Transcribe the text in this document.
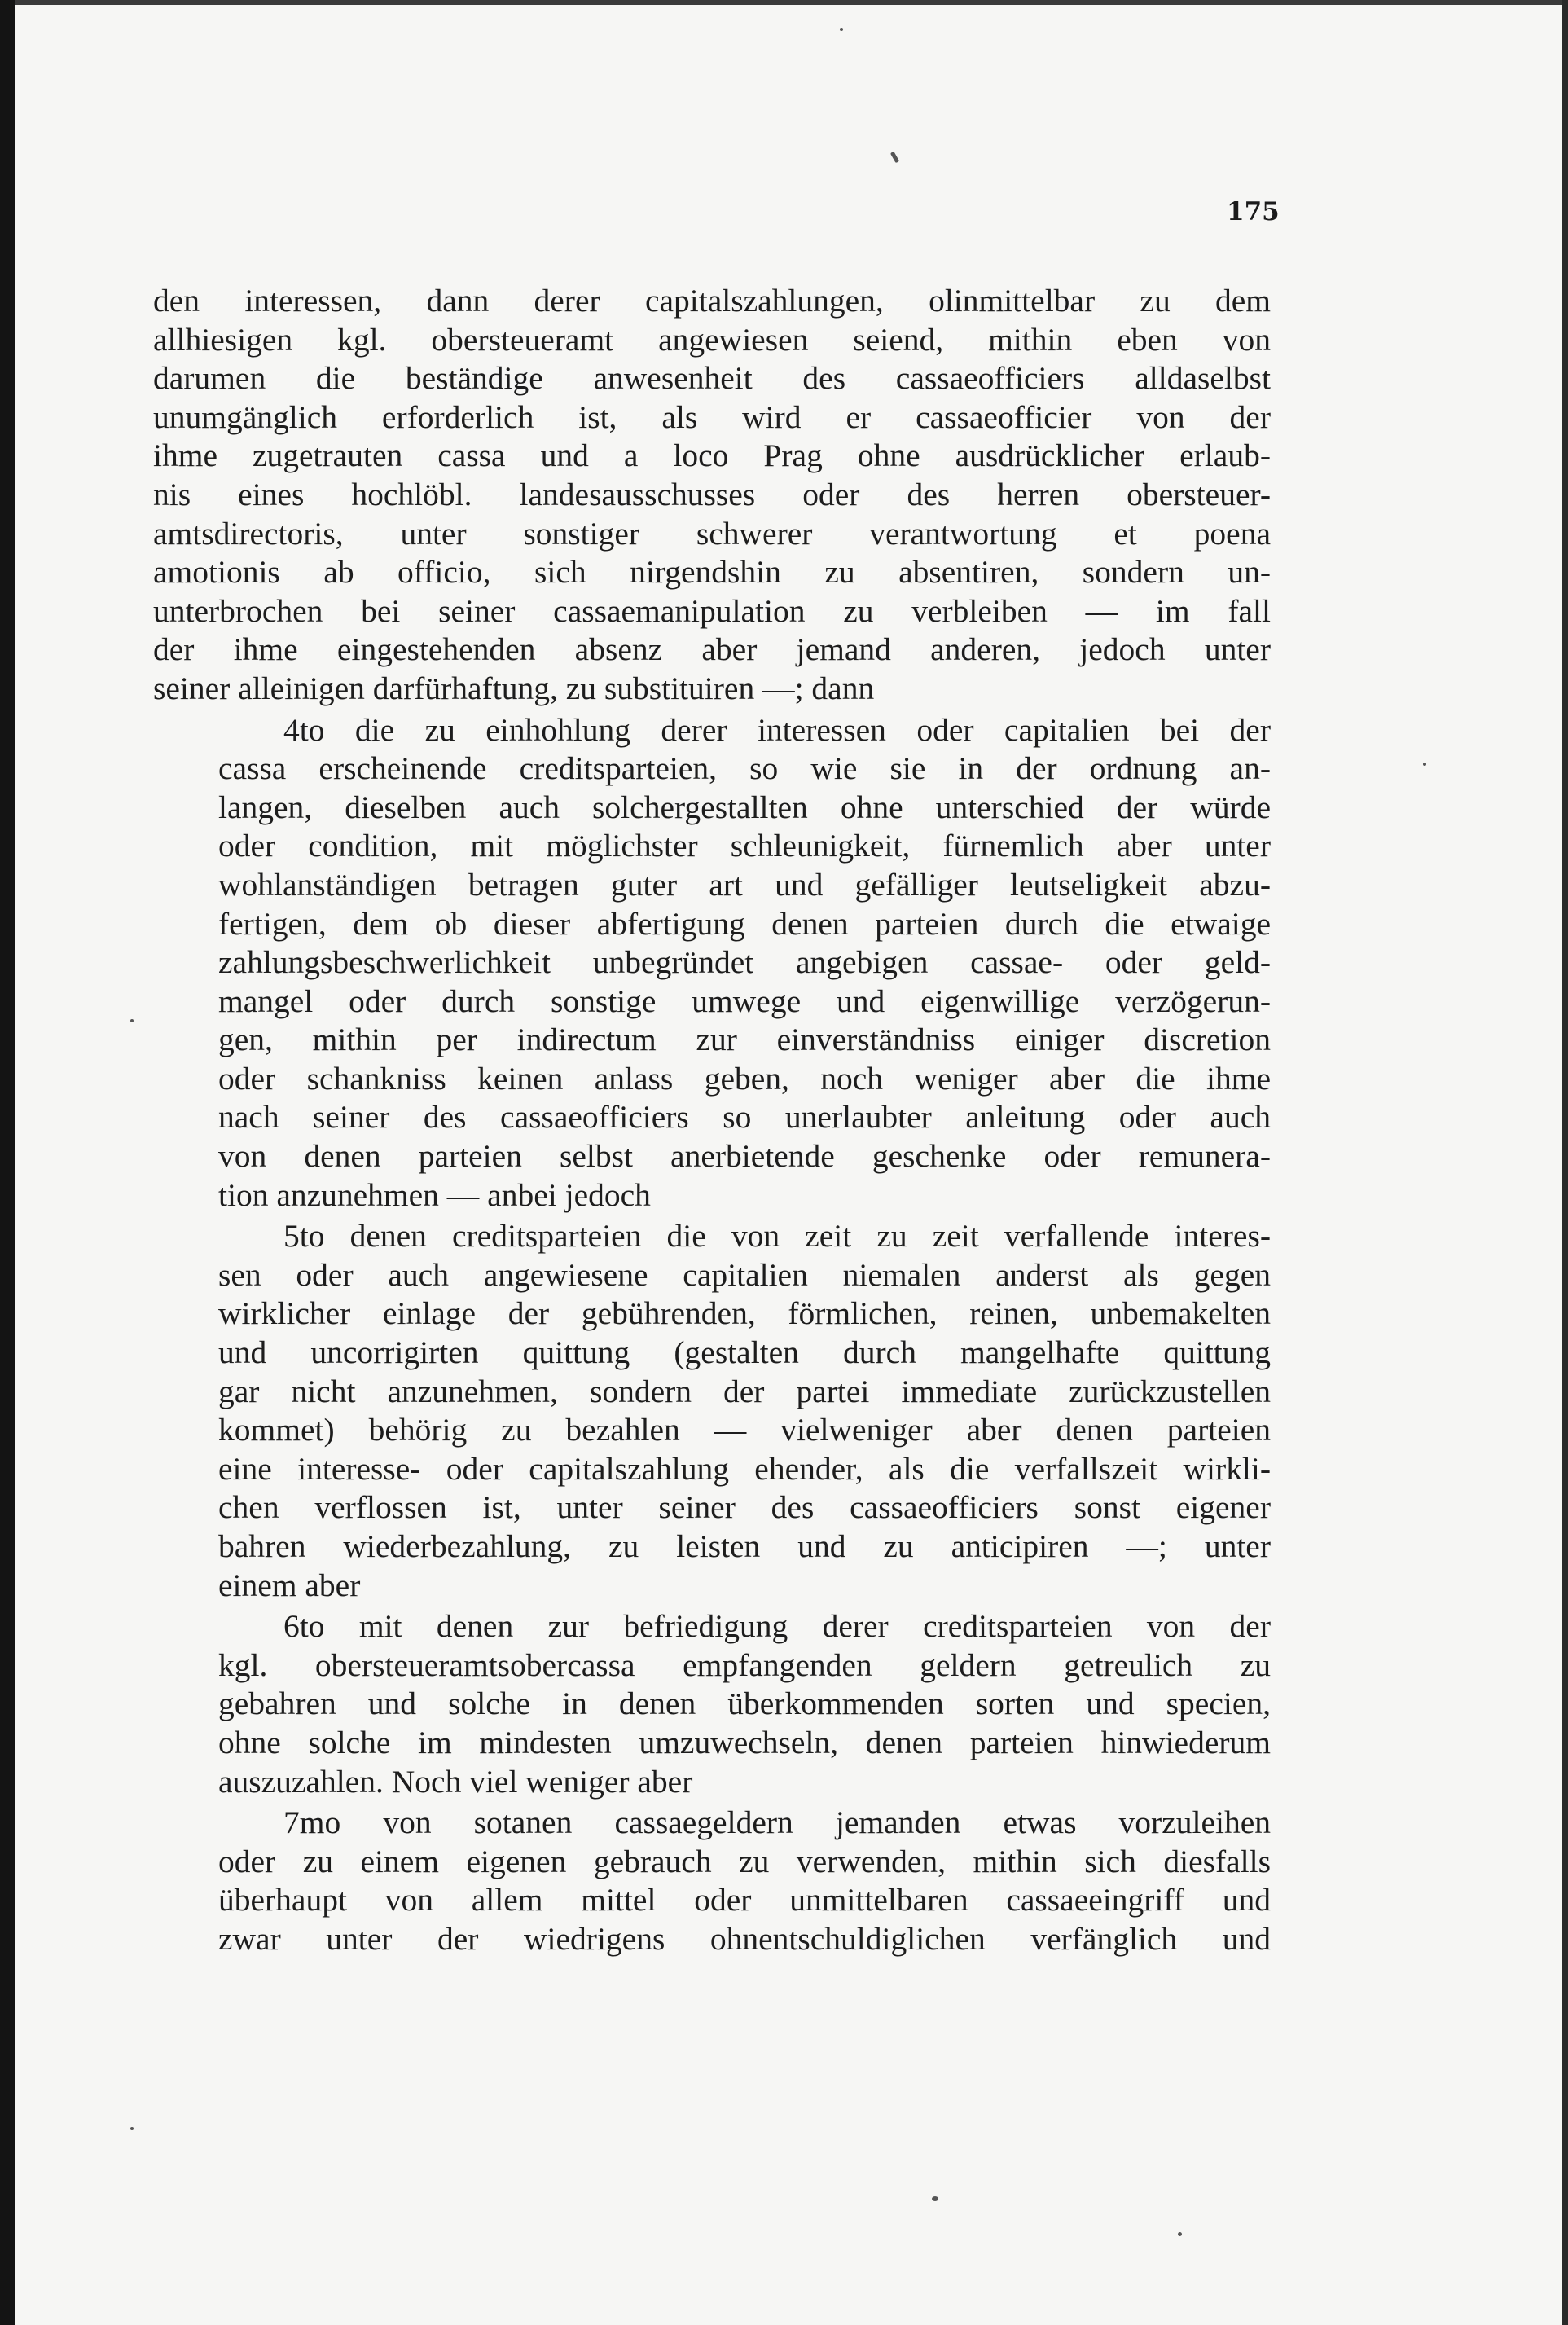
175

den interessen, dann derer capitalszahlungen, olinmittelbar zu dem
allhiesigen kgl. obersteueramt angewiesen seiend, mithin eben von
darumen die beständige anwesenheit des cassaeofficiers alldaselbst
unumgänglich erforderlich ist, als wird er cassaeofficier von der
ihme zugetrauten cassa und a loco Prag ohne ausdrücklicher erlaub-
nis eines hochlöbl. landesausschusses oder des herren obersteuer-
amtsdirectoris, unter sonstiger schwerer verantwortung et poena
amotionis ab officio, sich nirgendshin zu absentiren, sondern un-
unterbrochen bei seiner cassaemanipulation zu verbleiben — im fall
der ihme eingestehenden absenz aber jemand anderen, jedoch unter
seiner alleinigen darfürhaftung, zu substituiren —; dann

4to die zu einhohlung derer interessen oder capitalien bei der
cassa erscheinende creditsparteien, so wie sie in der ordnung an-
langen, dieselben auch solchergestallten ohne unterschied der würde
oder condition, mit möglichster schleunigkeit, fürnemlich aber unter
wohlanständigen betragen guter art und gefälliger leutseligkeit abzu-
fertigen, dem ob dieser abfertigung denen parteien durch die etwaige
zahlungsbeschwerlichkeit unbegründet angebigen cassae- oder geld-
mangel oder durch sonstige umwege und eigenwillige verzögerun-
gen, mithin per indirectum zur einverständniss einiger discretion
oder schankniss keinen anlass geben, noch weniger aber die ihme
nach seiner des cassaeofficiers so unerlaubter anleitung oder auch
von denen parteien selbst anerbietende geschenke oder remunera-
tion anzunehmen — anbei jedoch

5to denen creditsparteien die von zeit zu zeit verfallende interes-
sen oder auch angewiesene capitalien niemalen anderst als gegen
wirklicher einlage der gebührenden, förmlichen, reinen, unbemakelten
und uncorrigirten quittung (gestalten durch mangelhafte quittung
gar nicht anzunehmen, sondern der partei immediate zurückzustellen
kommet) behörig zu bezahlen — vielweniger aber denen parteien
eine interesse- oder capitalszahlung ehender, als die verfallszeit wirkli-
chen verflossen ist, unter seiner des cassaeofficiers sonst eigener
bahren wiederbezahlung, zu leisten und zu anticipiren —; unter
einem aber

6to mit denen zur befriedigung derer creditsparteien von der
kgl. obersteueramtsobercassa empfangenden geldern getreulich zu
gebahren und solche in denen überkommenden sorten und specien,
ohne solche im mindesten umzuwechseln, denen parteien hinwiederum
auszuzahlen. Noch viel weniger aber

7mo von sotanen cassaegeldern jemanden etwas vorzuleihen
oder zu einem eigenen gebrauch zu verwenden, mithin sich diesfalls
überhaupt von allem mittel oder unmittelbaren cassaeeingriff und
zwar unter der wiedrigens ohnentschuldiglichen verfänglich und
